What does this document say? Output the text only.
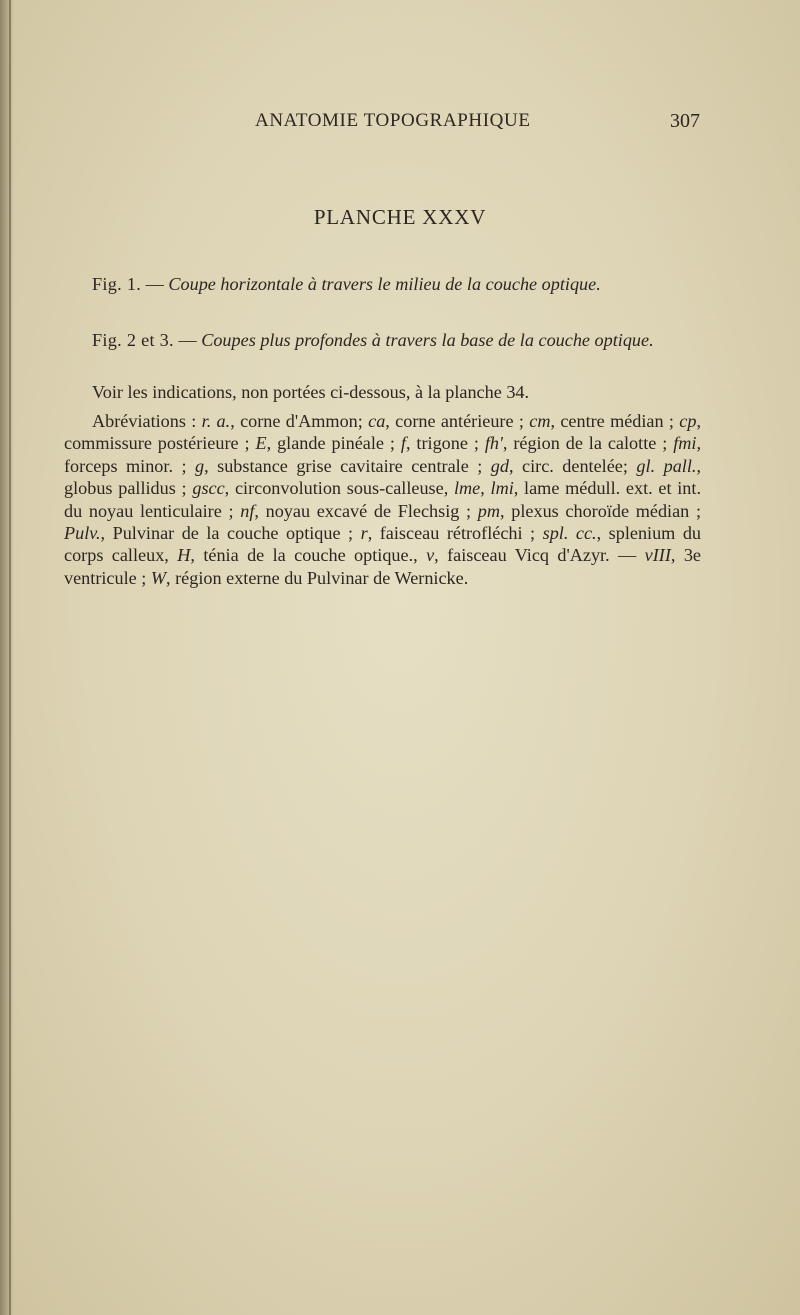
ANATOMIE TOPOGRAPHIQUE	307
PLANCHE XXXV

Fig. 1. — Coupe horizontale à travers le milieu de la couche optique.

Fig. 2 et 3. — Coupes plus profondes à travers la base de la couche optique.

Voir les indications, non portées ci-dessous, à la planche 34.

Abréviations : r. a., corne d'Ammon; ca, corne antérieure ; cm, centre médian ; cp, commissure postérieure ; E, glande pinéale ; f, trigone ; fh', région de la calotte ; fmi, forceps minor. ; g, substance grise cavitaire centrale ; gd, circ. dentelée; gl. pall., globus pallidus ; gscc, circonvolution sous-calleuse, lme, lmi, lame médull. ext. et int. du noyau lenticulaire ; nf, noyau excavé de Flechsig ; pm, plexus choroïde médian ; Pulv., Pulvinar de la couche optique ; r, faisceau rétrofléchi ; spl. cc., splenium du corps calleux, H, ténia de la couche optique., v, faisceau Vicq d'Azyr. — vIII, 3e ventricule ; W, région externe du Pulvinar de Wernicke.
